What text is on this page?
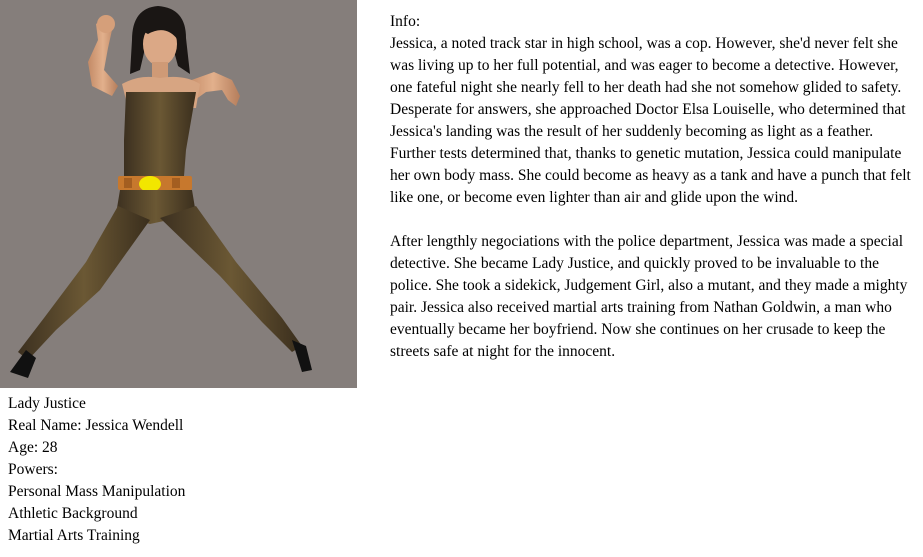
Lady Justice
Real Name: Jessica Wendell
Age: 28
Powers:
Personal Mass Manipulation
Athletic Background
Martial Arts Training

Info:

Jessica, a noted track star in high school, was a cop. However, she'd never felt she was living up to her full potential, and was eager to become a detective. However, one fateful night she nearly fell to her death had she not somehow glided to safety. Desperate for answers, she approached Doctor Elsa Louiselle, who determined that Jessica's landing was the result of her suddenly becoming as light as a feather. Further tests determined that, thanks to genetic mutation, Jessica could manipulate her own body mass. She could become as heavy as a tank and have a punch that felt like one, or become even lighter than air and glide upon the wind.

After lengthly negociations with the police department, Jessica was made a special detective. She became Lady Justice, and quickly proved to be invaluable to the police. She took a sidekick, Judgement Girl, also a mutant, and they made a mighty pair. Jessica also received martial arts training from Nathan Goldwin, a man who eventually became her boyfriend. Now she continues on her crusade to keep the streets safe at night for the innocent.
